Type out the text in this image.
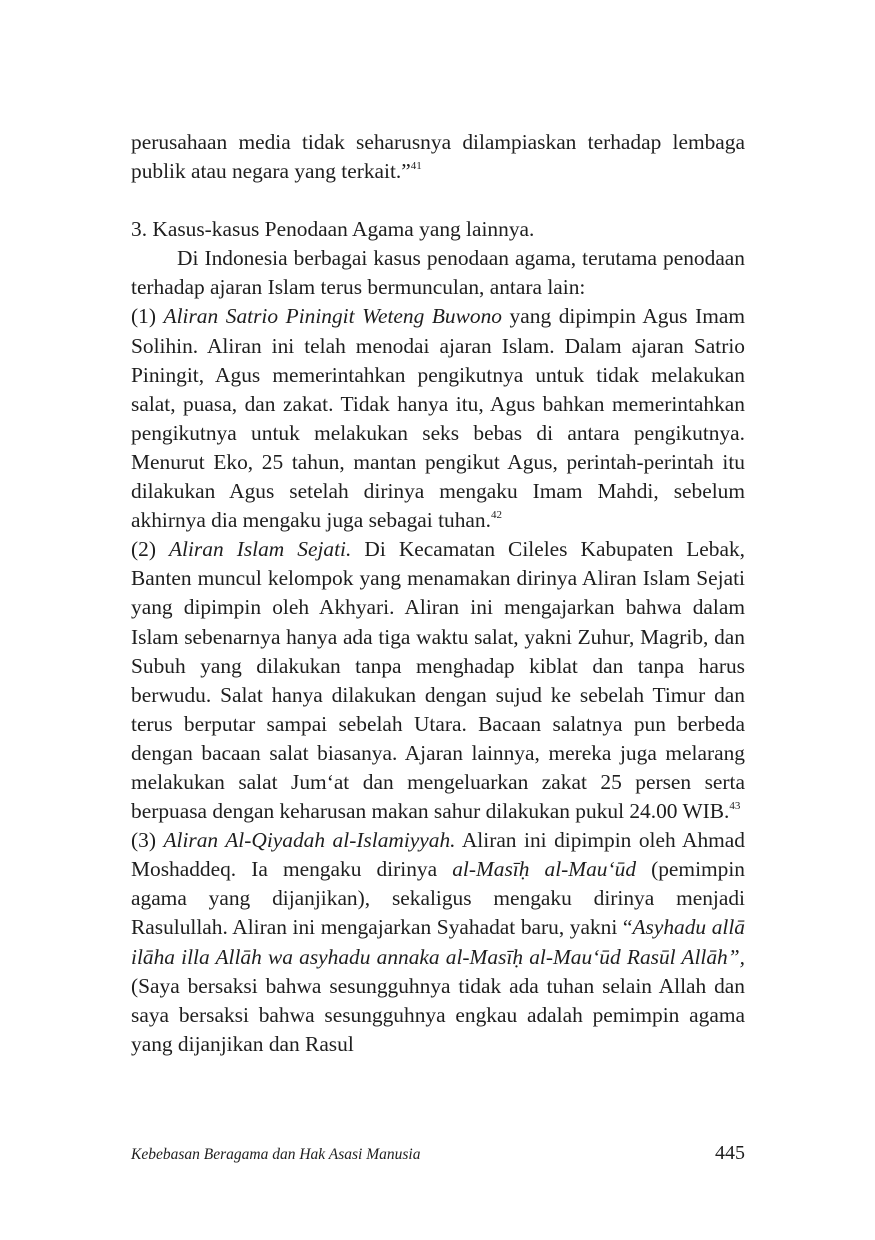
perusahaan media tidak seharusnya dilampiaskan terhadap lembaga publik atau negara yang terkait.”$^{41}$

3. Kasus-kasus Penodaan Agama yang lainnya.

Di Indonesia berbagai kasus penodaan agama, terutama penodaan terhadap ajaran Islam terus bermunculan, antara lain:

(1) Aliran Satrio Piningit Weteng Buwono yang dipimpin Agus Imam Solihin. Aliran ini telah menodai ajaran Islam. Dalam ajaran Satrio Piningit, Agus memerintahkan pengikutnya untuk tidak melakukan salat, puasa, dan zakat. Tidak hanya itu, Agus bahkan memerintahkan pengikutnya untuk melakukan seks bebas di antara pengikutnya. Menurut Eko, 25 tahun, mantan pengikut Agus, perintah-perintah itu dilakukan Agus setelah dirinya mengaku Imam Mahdi, sebelum akhirnya dia mengaku juga sebagai tuhan.$^{42}$

(2) Aliran Islam Sejati. Di Kecamatan Cileles Kabupaten Lebak, Banten muncul kelompok yang menamakan dirinya Aliran Islam Sejati yang dipimpin oleh Akhyari. Aliran ini mengajarkan bahwa dalam Islam sebenarnya hanya ada tiga waktu salat, yakni Zuhur, Magrib, dan Subuh yang dilakukan tanpa menghadap kiblat dan tanpa harus berwudu. Salat hanya dilakukan dengan sujud ke sebelah Timur dan terus berputar sampai sebelah Utara. Bacaan salatnya pun berbeda dengan bacaan salat biasanya. Ajaran lainnya, mereka juga melarang melakukan salat Jum‘at dan mengeluarkan zakat 25 persen serta berpuasa dengan keharusan makan sahur dilakukan pukul 24.00 WIB.$^{43}$

(3) Aliran Al-Qiyadah al-Islamiyyah. Aliran ini dipimpin oleh Ahmad Moshaddeq. Ia mengaku dirinya al-Masīḥ al-Mau‘ūd (pemimpin agama yang dijanjikan), sekaligus mengaku dirinya menjadi Rasulullah. Aliran ini mengajarkan Syahadat baru, yakni “Asyhadu allā ilāha illa Allāh wa asyhadu annaka al-Masīḥ al-Mau‘ūd Rasūl Allāh”, (Saya bersaksi bahwa sesungguhnya tidak ada tuhan selain Allah dan saya bersaksi bahwa sesungguhnya engkau adalah pemimpin agama yang dijanjikan dan Rasul

Kebebasan Beragama dan Hak Asasi Manusia	445
